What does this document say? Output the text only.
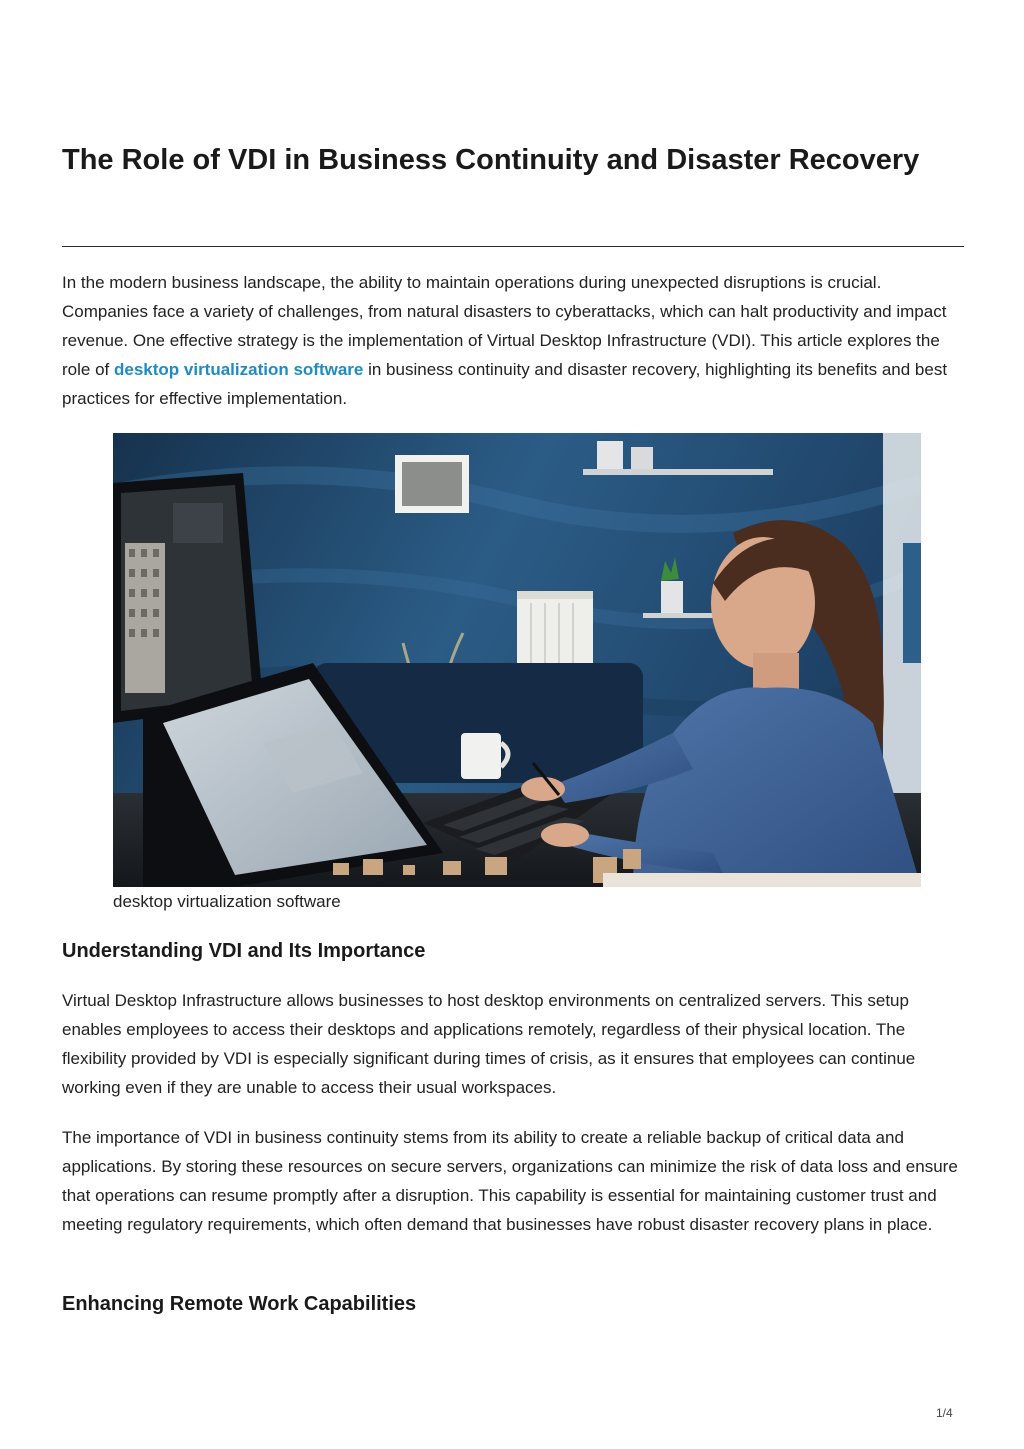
The Role of VDI in Business Continuity and Disaster Recovery

In the modern business landscape, the ability to maintain operations during unexpected disruptions is crucial. Companies face a variety of challenges, from natural disasters to cyberattacks, which can halt productivity and impact revenue. One effective strategy is the implementation of Virtual Desktop Infrastructure (VDI). This article explores the role of desktop virtualization software in business continuity and disaster recovery, highlighting its benefits and best practices for effective implementation.

desktop virtualization software
Understanding VDI and Its Importance

Virtual Desktop Infrastructure allows businesses to host desktop environments on centralized servers. This setup enables employees to access their desktops and applications remotely, regardless of their physical location. The flexibility provided by VDI is especially significant during times of crisis, as it ensures that employees can continue working even if they are unable to access their usual workspaces.

The importance of VDI in business continuity stems from its ability to create a reliable backup of critical data and applications. By storing these resources on secure servers, organizations can minimize the risk of data loss and ensure that operations can resume promptly after a disruption. This capability is essential for maintaining customer trust and meeting regulatory requirements, which often demand that businesses have robust disaster recovery plans in place.

Enhancing Remote Work Capabilities
1/4
